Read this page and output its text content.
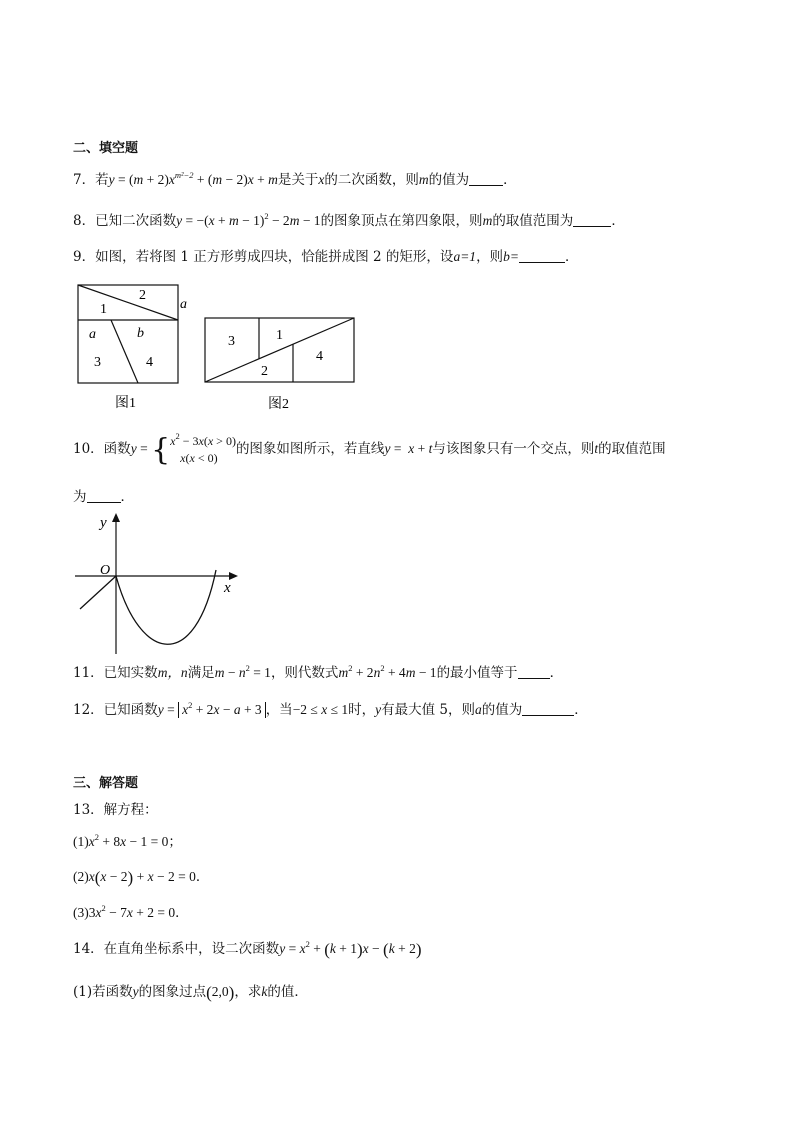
二、填空题
7．若$y = (m + 2)x^{m^2-2} + (m - 2)x + m$是关于x的二次函数，则m的值为	．
8．已知二次函数$y = -(x + m - 1)^2 - 2m - 1$的图象顶点在第四象限，则m的取值范围为	．
9．如图，若将图 1 正方形剪成四块，恰能拼成图 2 的矩形，设a=1，则b=	．
1
2
a
a	b
3	4
图1
3	1
2
4
图2
10．函数$y = \{x^2 - 3x(x > 0)$
x(x < 0)的图象如图所示，若直线y =  x + t与该图象只有一个交点，则t的取值范围
为	．
y
x
O
11．已知实数m，n满足$m - n^2 = 1$，则代数式$m^2 + 2n^2 + 4m - 1$的最小值等于 ．
12．已知函数$y = x^2 + 2x - a + 3$ ，当−2 ≤ x ≤ 1时，y有最大值 5，则a的值为	．
三、解答题
13．解方程：
$(1)x^2 + 8x - 1 = 0$；
(2)x(x − 2) + x − 2 = 0．
$(3)3x^2 - 7x + 2 = 0$．
14．在直角坐标系中，设二次函数$y = x^2 + (k + 1)x - (k + 2)$
(1)若函数y的图象过点(2,0)，求k的值．
